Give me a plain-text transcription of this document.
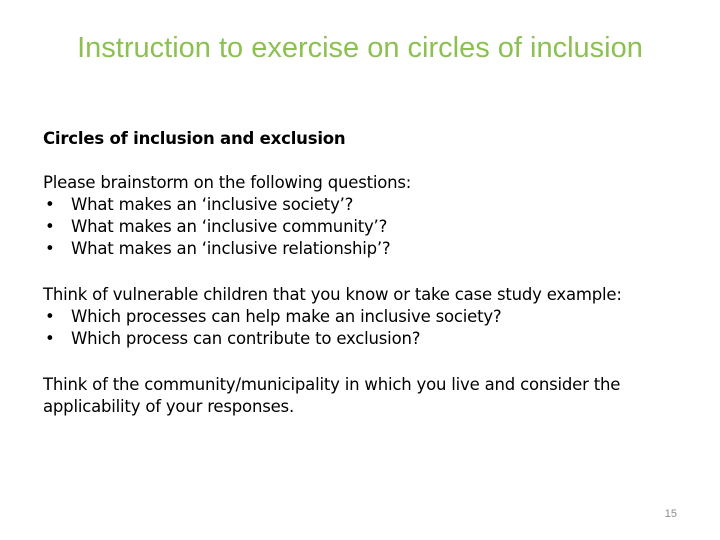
Instruction to exercise on circles of inclusion

Circles of inclusion and exclusion

Please brainstorm on the following questions:

• What makes an ‘inclusive society’?
• What makes an ‘inclusive community’?
• What makes an ‘inclusive relationship’?

Think of vulnerable children that you know or take case study example:

• Which processes can help make an inclusive society?
• Which process can contribute to exclusion?

Think of the community/municipality in which you live and consider the applicability of your responses.

15
